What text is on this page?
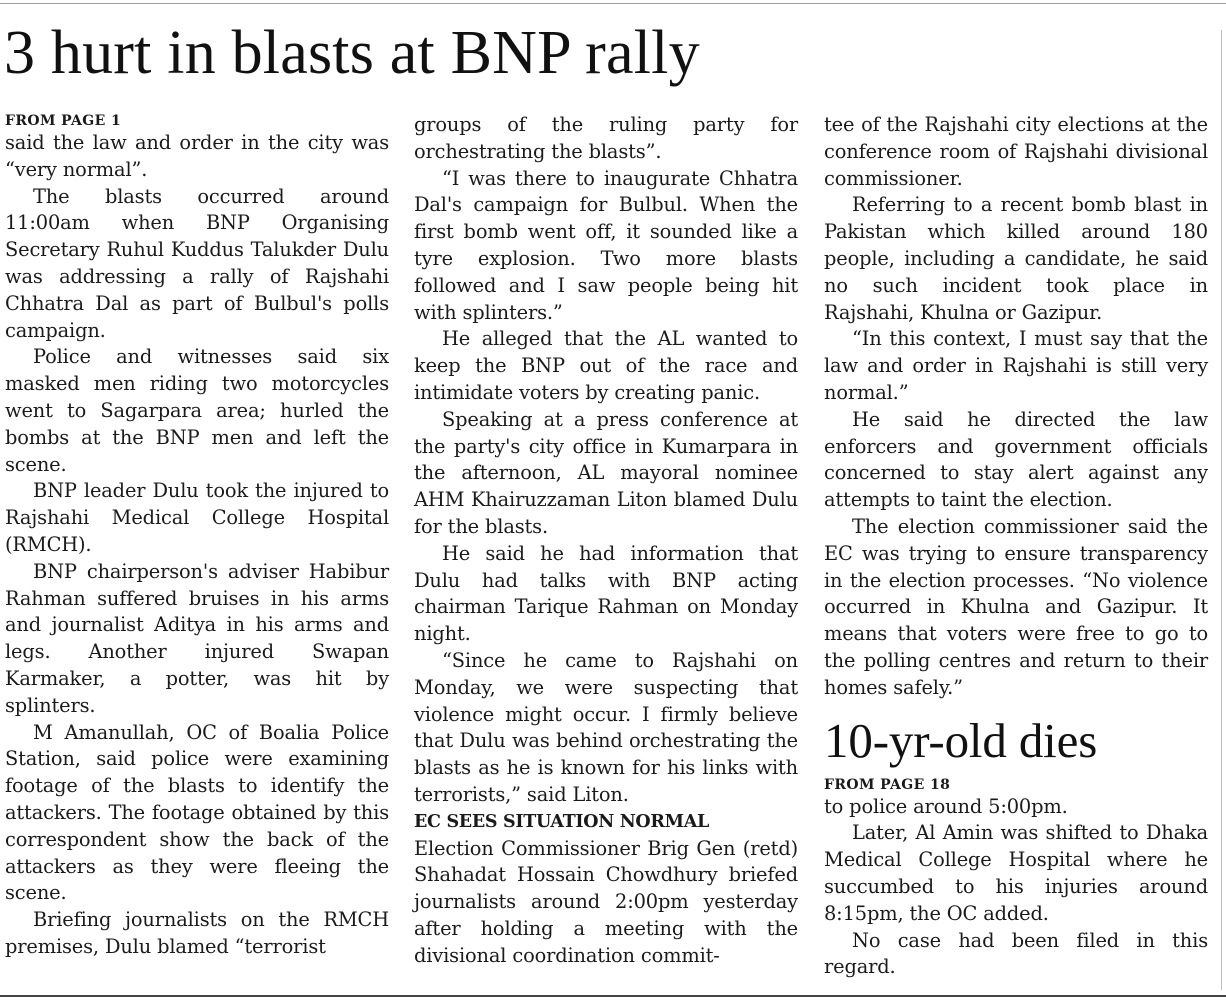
3 hurt in blasts at BNP rally
FROM PAGE 1

said the law and order in the city was “very normal”.

The blasts occurred around 11:00am when BNP Organising Secretary Ruhul Kuddus Talukder Dulu was addressing a rally of Rajshahi Chhatra Dal as part of Bulbul's polls campaign.

Police and witnesses said six masked men riding two motorcycles went to Sagarpara area; hurled the bombs at the BNP men and left the scene.

BNP leader Dulu took the injured to Rajshahi Medical College Hospital (RMCH).

BNP chairperson's adviser Habibur Rahman suffered bruises in his arms and journalist Aditya in his arms and legs. Another injured Swapan Karmaker, a potter, was hit by splinters.

M Amanullah, OC of Boalia Police Station, said police were examining footage of the blasts to identify the attackers. The footage obtained by this correspondent show the back of the attackers as they were fleeing the scene.

Briefing journalists on the RMCH premises, Dulu blamed “terrorist

groups of the ruling party for orchestrating the blasts”.

“I was there to inaugurate Chhatra Dal's campaign for Bulbul. When the first bomb went off, it sounded like a tyre explosion. Two more blasts followed and I saw people being hit with splinters.”

He alleged that the AL wanted to keep the BNP out of the race and intimidate voters by creating panic.

Speaking at a press conference at the party's city office in Kumarpara in the afternoon, AL mayoral nominee AHM Khairuzzaman Liton blamed Dulu for the blasts.

He said he had information that Dulu had talks with BNP acting chairman Tarique Rahman on Monday night.

“Since he came to Rajshahi on Monday, we were suspecting that violence might occur. I firmly believe that Dulu was behind orchestrating the blasts as he is known for his links with terrorists,” said Liton.

EC SEES SITUATION NORMAL

Election Commissioner Brig Gen (retd) Shahadat Hossain Chowdhury briefed journalists around 2:00pm yesterday after holding a meeting with the divisional coordination commit-

tee of the Rajshahi city elections at the conference room of Rajshahi divisional commissioner.

Referring to a recent bomb blast in Pakistan which killed around 180 people, including a candidate, he said no such incident took place in Rajshahi, Khulna or Gazipur.

“In this context, I must say that the law and order in Rajshahi is still very normal.”

He said he directed the law enforcers and government officials concerned to stay alert against any attempts to taint the election.

The election commissioner said the EC was trying to ensure transparency in the election processes. “No violence occurred in Khulna and Gazipur. It means that voters were free to go to the polling centres and return to their homes safely.”

10-yr-old dies
FROM PAGE 18

to police around 5:00pm.

Later, Al Amin was shifted to Dhaka Medical College Hospital where he succumbed to his injuries around 8:15pm, the OC added.

No case had been filed in this regard.
